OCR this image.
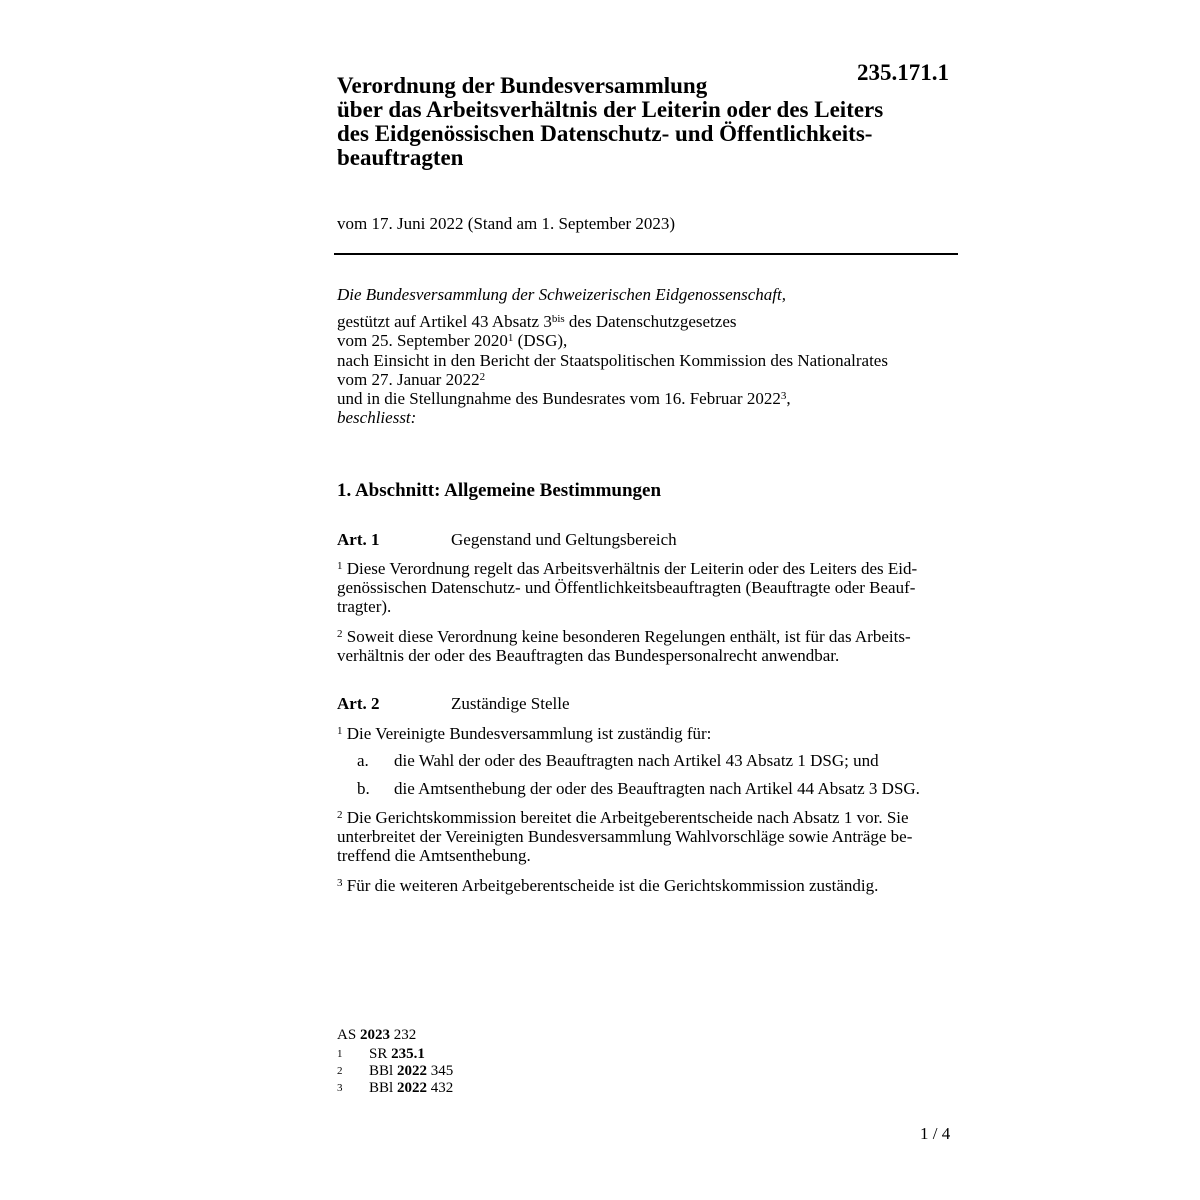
235.171.1
Verordnung der Bundesversammlung
über das Arbeitsverhältnis der Leiterin oder des Leiters
des Eidgenössischen Datenschutz- und Öffentlichkeits-
beauftragten
vom 17. Juni 2022 (Stand am 1. September 2023)
Die Bundesversammlung der Schweizerischen Eidgenossenschaft,
gestützt auf Artikel 43 Absatz $3^{bis}$ des Datenschutzgesetzes
vom 25. September 2020$^1$ (DSG),
nach Einsicht in den Bericht der Staatspolitischen Kommission des Nationalrates
vom 27. Januar 2022$^2$
und in die Stellungnahme des Bundesrates vom 16. Februar 2022$^3$,
beschliesst:
1. Abschnitt: Allgemeine Bestimmungen
Art. 1	Gegenstand und Geltungsbereich
$^1$ Diese Verordnung regelt das Arbeitsverhältnis der Leiterin oder des Leiters des Eid-
genössischen Datenschutz- und Öffentlichkeitsbeauftragten (Beauftragte oder Beauf-
tragter).
$^2$ Soweit diese Verordnung keine besonderen Regelungen enthält, ist für das Arbeits-
verhältnis der oder des Beauftragten das Bundespersonalrecht anwendbar.
Art. 2	Zuständige Stelle
$^1$ Die Vereinigte Bundesversammlung ist zuständig für:
a. die Wahl der oder des Beauftragten nach Artikel 43 Absatz 1 DSG; und
b. die Amtsenthebung der oder des Beauftragten nach Artikel 44 Absatz 3 DSG.
$^2$ Die Gerichtskommission bereitet die Arbeitgeberentscheide nach Absatz 1 vor. Sie
unterbreitet der Vereinigten Bundesversammlung Wahlvorschläge sowie Anträge be-
treffend die Amtsenthebung.
$^3$ Für die weiteren Arbeitgeberentscheide ist die Gerichtskommission zuständig.
AS 2023 232
1 SR 235.1
2 BBl 2022 345
3 BBl 2022 432
1 / 4
